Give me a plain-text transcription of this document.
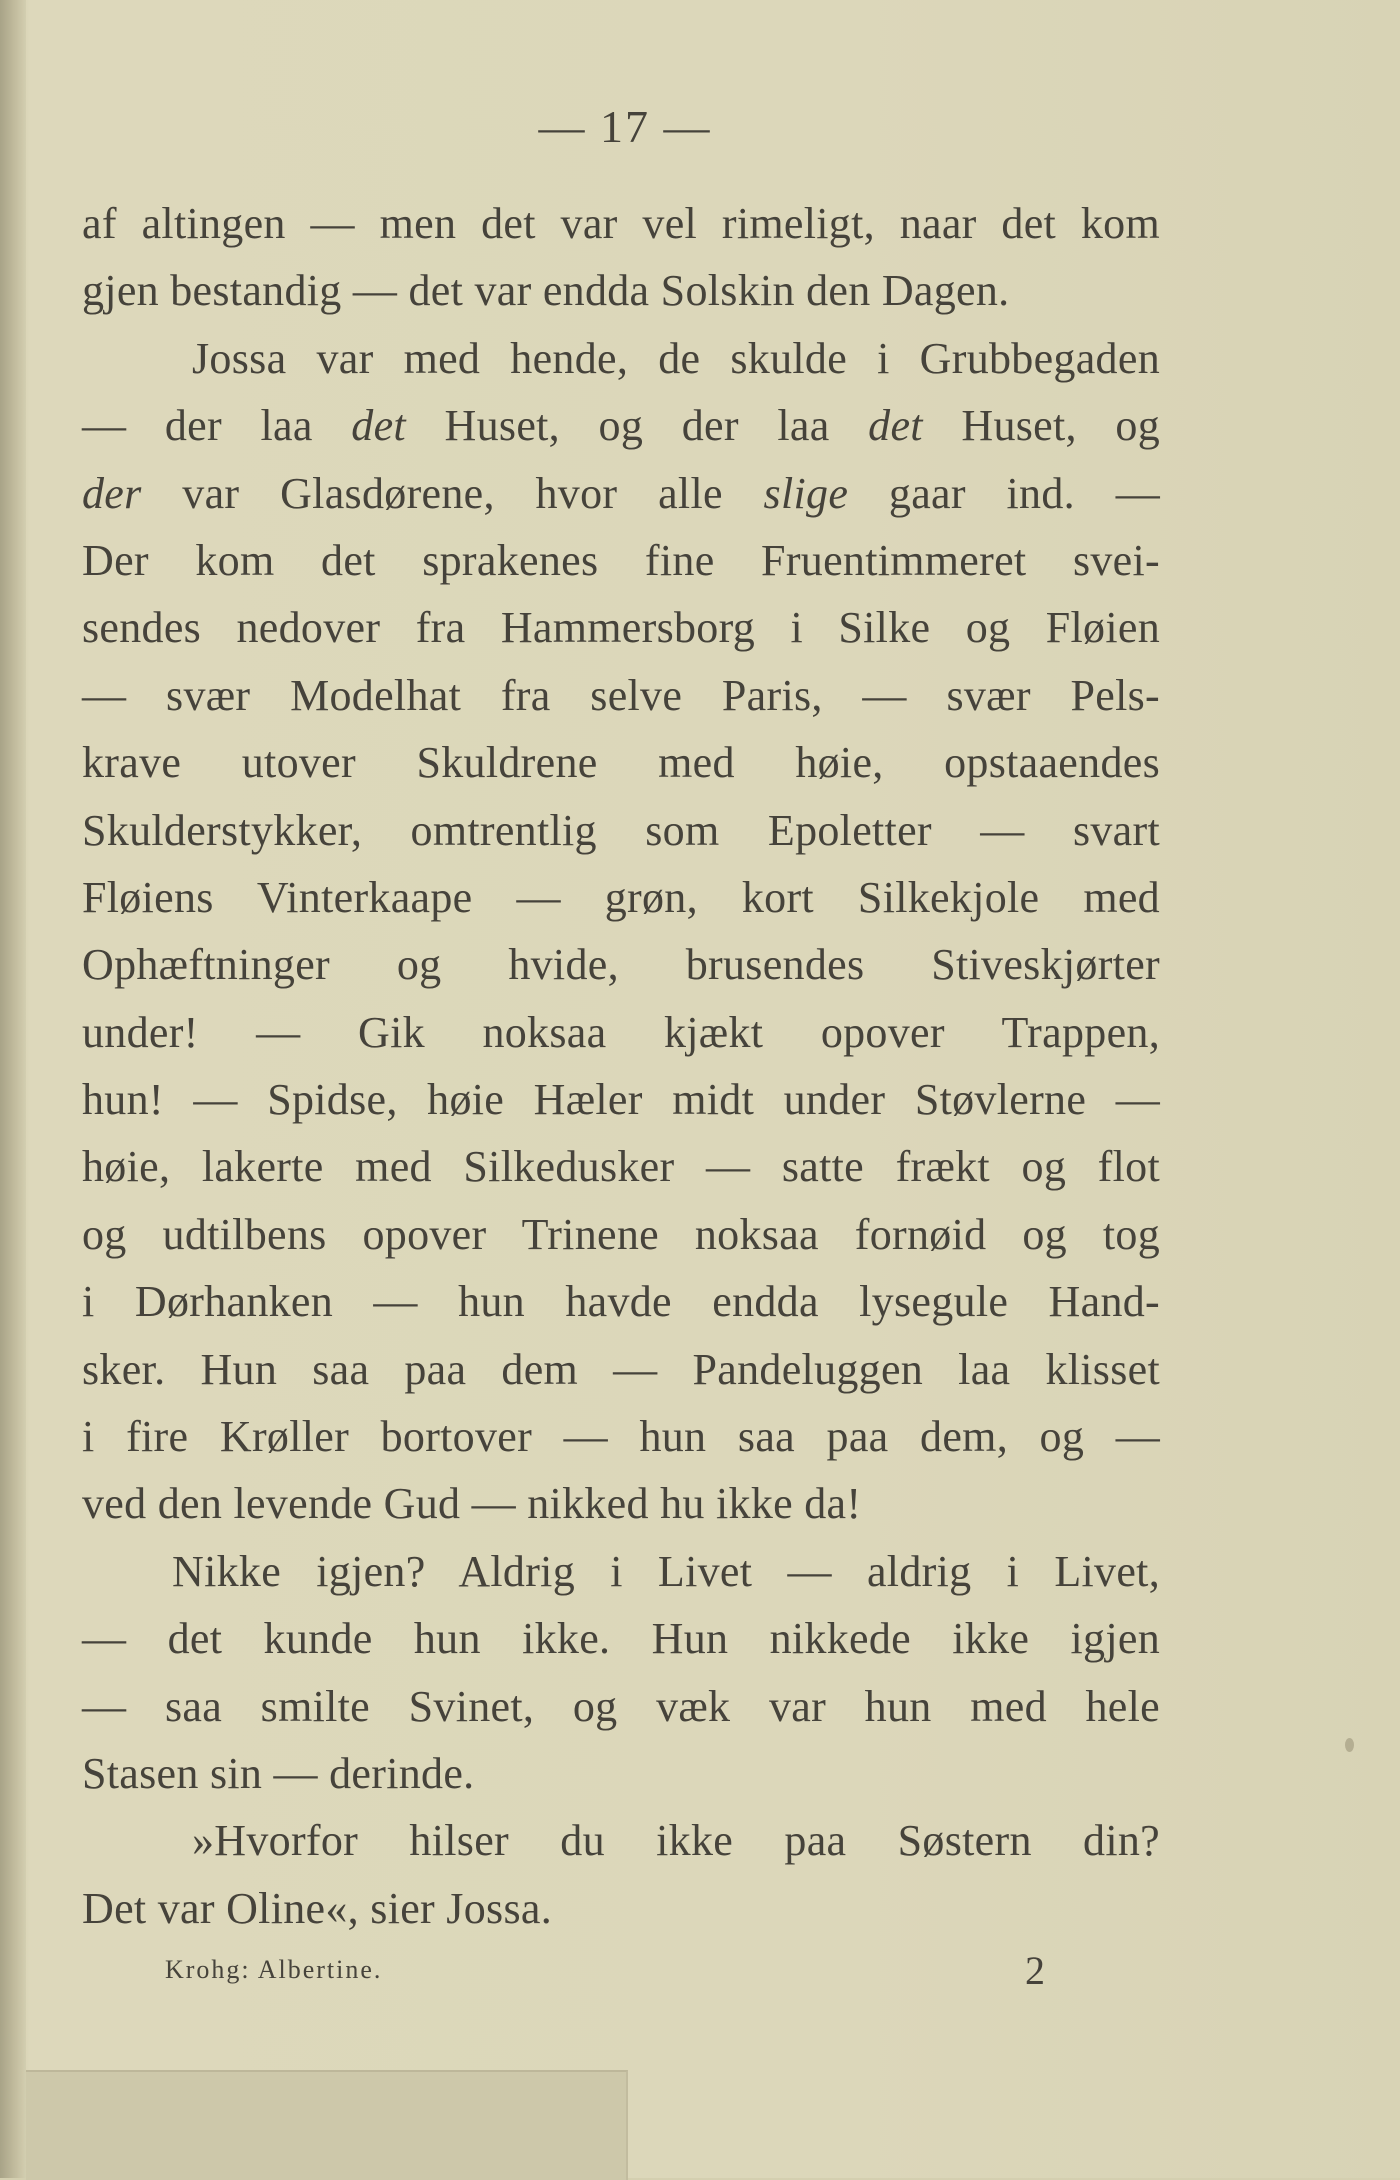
— 17 —
af altingen — men det var vel rimeligt, naar det kom
gjen bestandig — det var endda Solskin den Dagen.
Jossa var med hende, de skulde i Grubbegaden
— der laa det Huset, og der laa det Huset, og
der var Glasdørene, hvor alle slige gaar ind. —
Der kom det sprakenes fine Fruentimmeret svei-
sendes nedover fra Hammersborg i Silke og Fløien
— svær Modelhat fra selve Paris, — svær Pels-
krave utover Skuldrene med høie, opstaaendes
Skulderstykker, omtrentlig som Epoletter — svart
Fløiens Vinterkaape — grøn, kort Silkekjole med
Ophæftninger og hvide, brusendes Stiveskjørter
under! — Gik noksaa kjækt opover Trappen,
hun! — Spidse, høie Hæler midt under Støvlerne —
høie, lakerte med Silkedusker — satte frækt og flot
og udtilbens opover Trinene noksaa fornøid og tog
i Dørhanken — hun havde endda lysegule Hand-
sker. Hun saa paa dem — Pandeluggen laa klisset
i fire Krøller bortover — hun saa paa dem, og —
ved den levende Gud — nikked hu ikke da!
Nikke igjen? Aldrig i Livet — aldrig i Livet,
— det kunde hun ikke. Hun nikkede ikke igjen
— saa smilte Svinet, og væk var hun med hele
Stasen sin — derinde.
»Hvorfor hilser du ikke paa Søstern din?
Det var Oline«, sier Jossa.
Krohg: Albertine.	2
